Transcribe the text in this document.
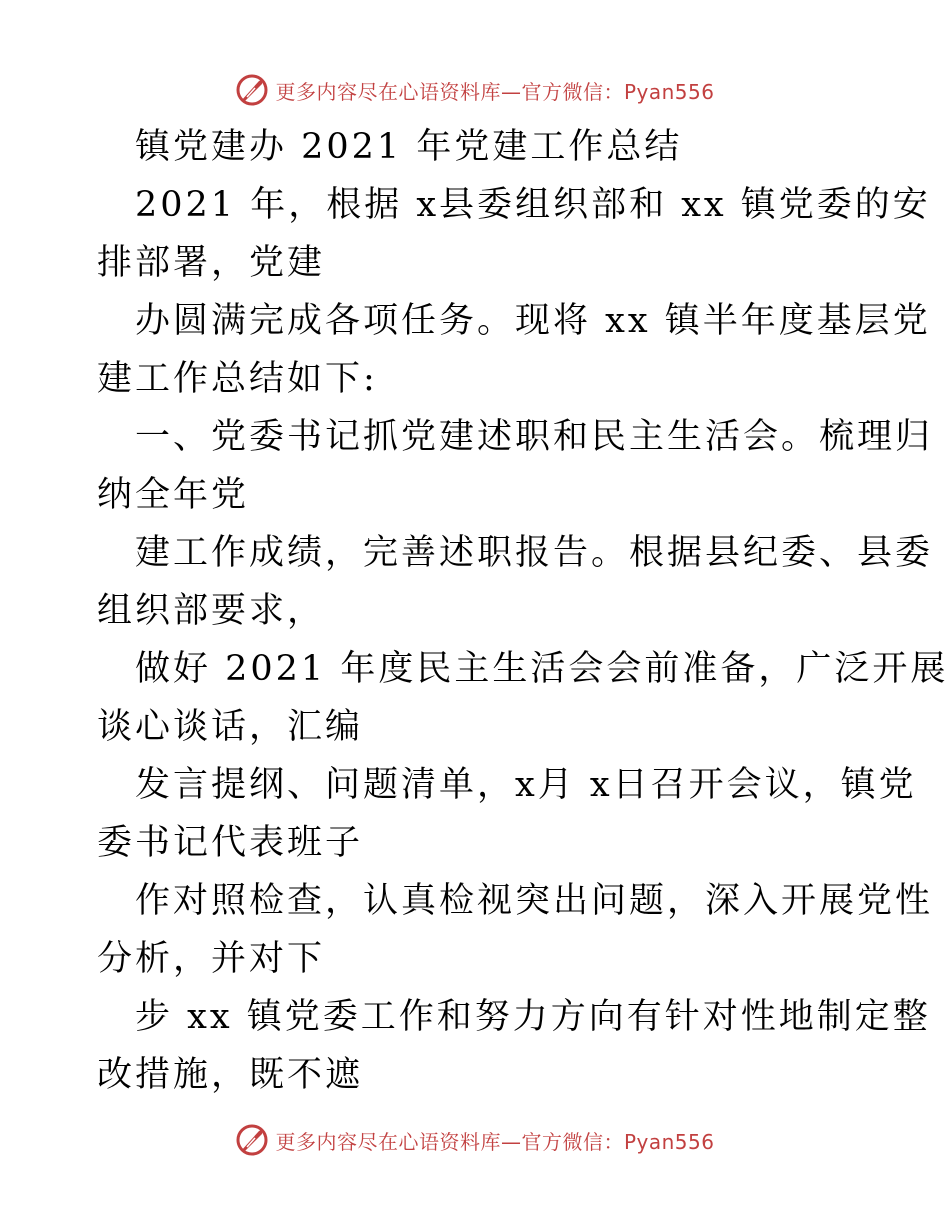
更多内容尽在心语资料库—官方微信：Pyan556
镇党建办 2021 年党建工作总结
2021 年，根据 x县委组织部和 xx 镇党委的安
排部署，党建
办圆满完成各项任务。现将 xx 镇半年度基层党
建工作总结如下:
一、党委书记抓党建述职和民主生活会。梳理归
纳全年党
建工作成绩，完善述职报告。根据县纪委、县委
组织部要求，
做好 2021 年度民主生活会会前准备，广泛开展
谈心谈话，汇编
发言提纲、问题清单，x月 x日召开会议，镇党
委书记代表班子
作对照检查，认真检视突出问题，深入开展党性
分析，并对下
步 xx 镇党委工作和努力方向有针对性地制定整
改措施，既不遮
更多内容尽在心语资料库—官方微信：Pyan556
